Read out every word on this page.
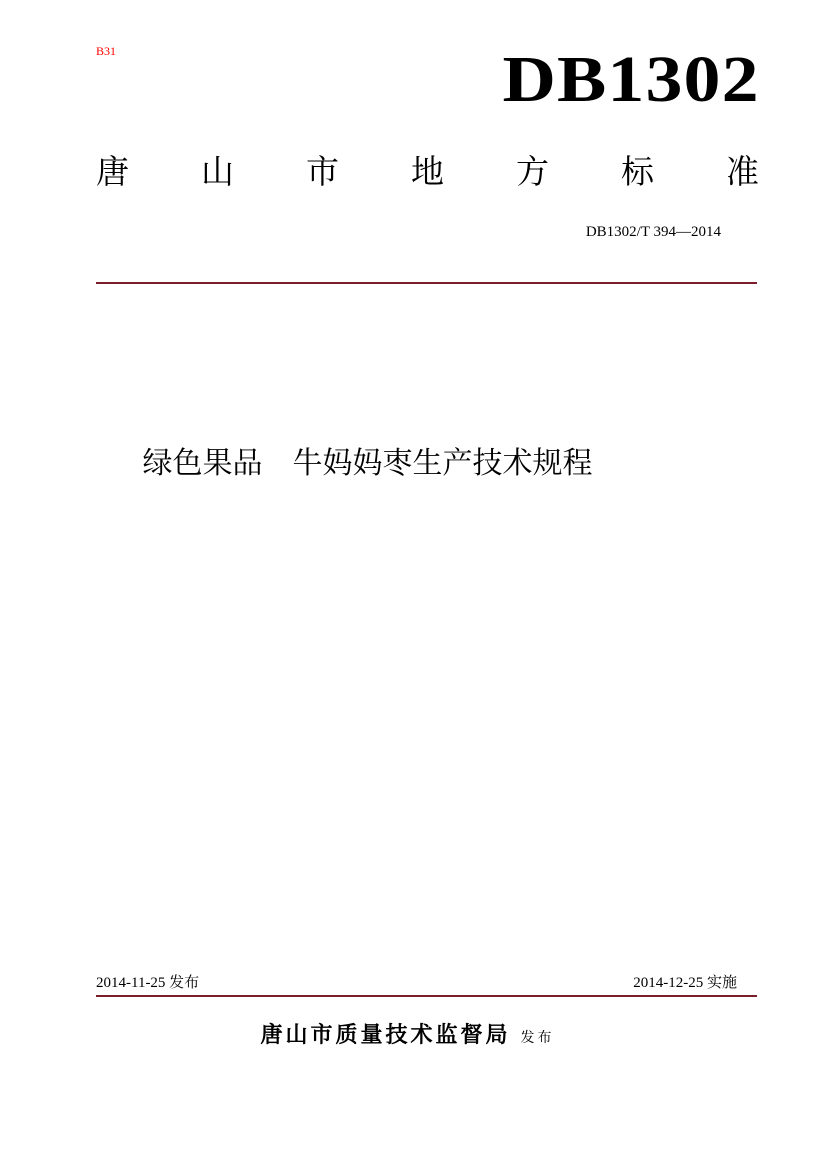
B31	DB1302
唐 山 市 地 方 标 准
DB1302/T 394—2014
绿色果品　牛妈妈枣生产技术规程
2014-11-25 发布	2014-12-25 实施
唐山市质量技术监督局 发布
